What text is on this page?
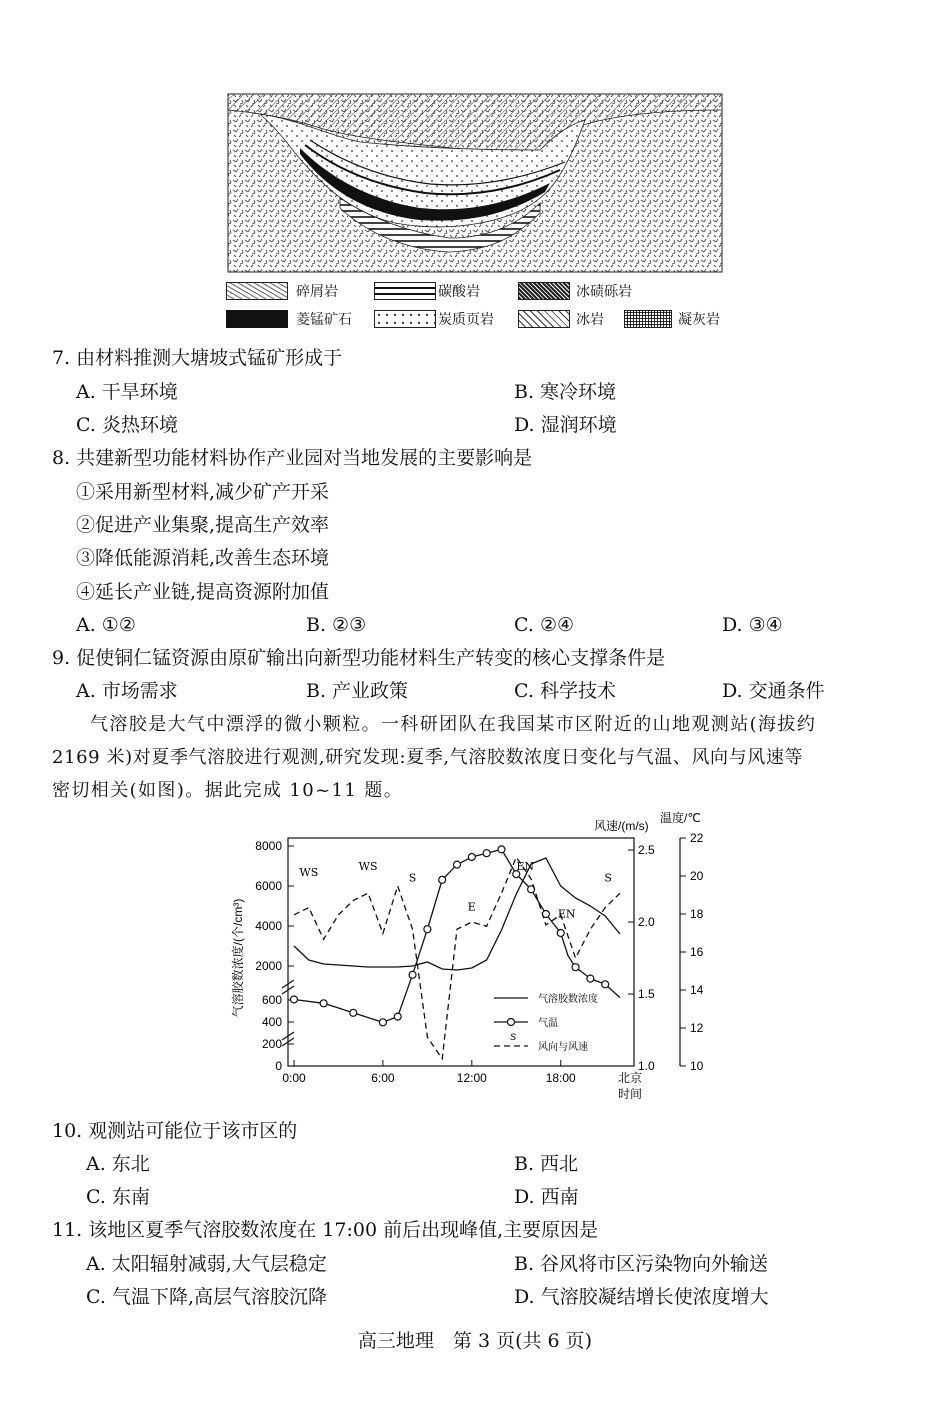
碎屑岩	碳酸岩	冰碛砾岩
菱锰矿石	炭质页岩	冰岩	凝灰岩
7. 由材料推测大塘坡式锰矿形成于
A. 干旱环境	B. 寒冷环境
C. 炎热环境	D. 湿润环境
8. 共建新型功能材料协作产业园对当地发展的主要影响是
①采用新型材料,减少矿产开采
②促进产业集聚,提高生产效率
③降低能源消耗,改善生态环境
④延长产业链,提高资源附加值
A. ①②	B. ②③	C. ②④	D. ③④
9. 促使铜仁锰资源由原矿输出向新型功能材料生产转变的核心支撑条件是
A. 市场需求	B. 产业政策	C. 科学技术	D. 交通条件
气溶胶是大气中漂浮的微小颗粒。一科研团队在我国某市区附近的山地观测站(海拔约
2169 米)对夏季气溶胶进行观测,研究发现:夏季,气溶胶数浓度日变化与气温、风向与风速等
密切相关(如图)。据此完成 10~11 题。
8000
6000
4000
2000
600
400
200
0
2.5
2.0
1.5
1.0
22
20
18
16
14
12
10
0:00	6:00	12:00	18:00
风速/(m/s)
温度/℃
气溶胶数浓度/(个/cm³)
北京
时间
WS	WS
S
E
EN
EN
S
气溶胶数浓度
气温
S
风向与风速
10. 观测站可能位于该市区的
A. 东北	B. 西北
C. 东南	D. 西南
11. 该地区夏季气溶胶数浓度在 17:00 前后出现峰值,主要原因是
A. 太阳辐射减弱,大气层稳定	B. 谷风将市区污染物向外输送
C. 气温下降,高层气溶胶沉降	D. 气溶胶凝结增长使浓度增大
高三地理　第 3 页(共 6 页)
